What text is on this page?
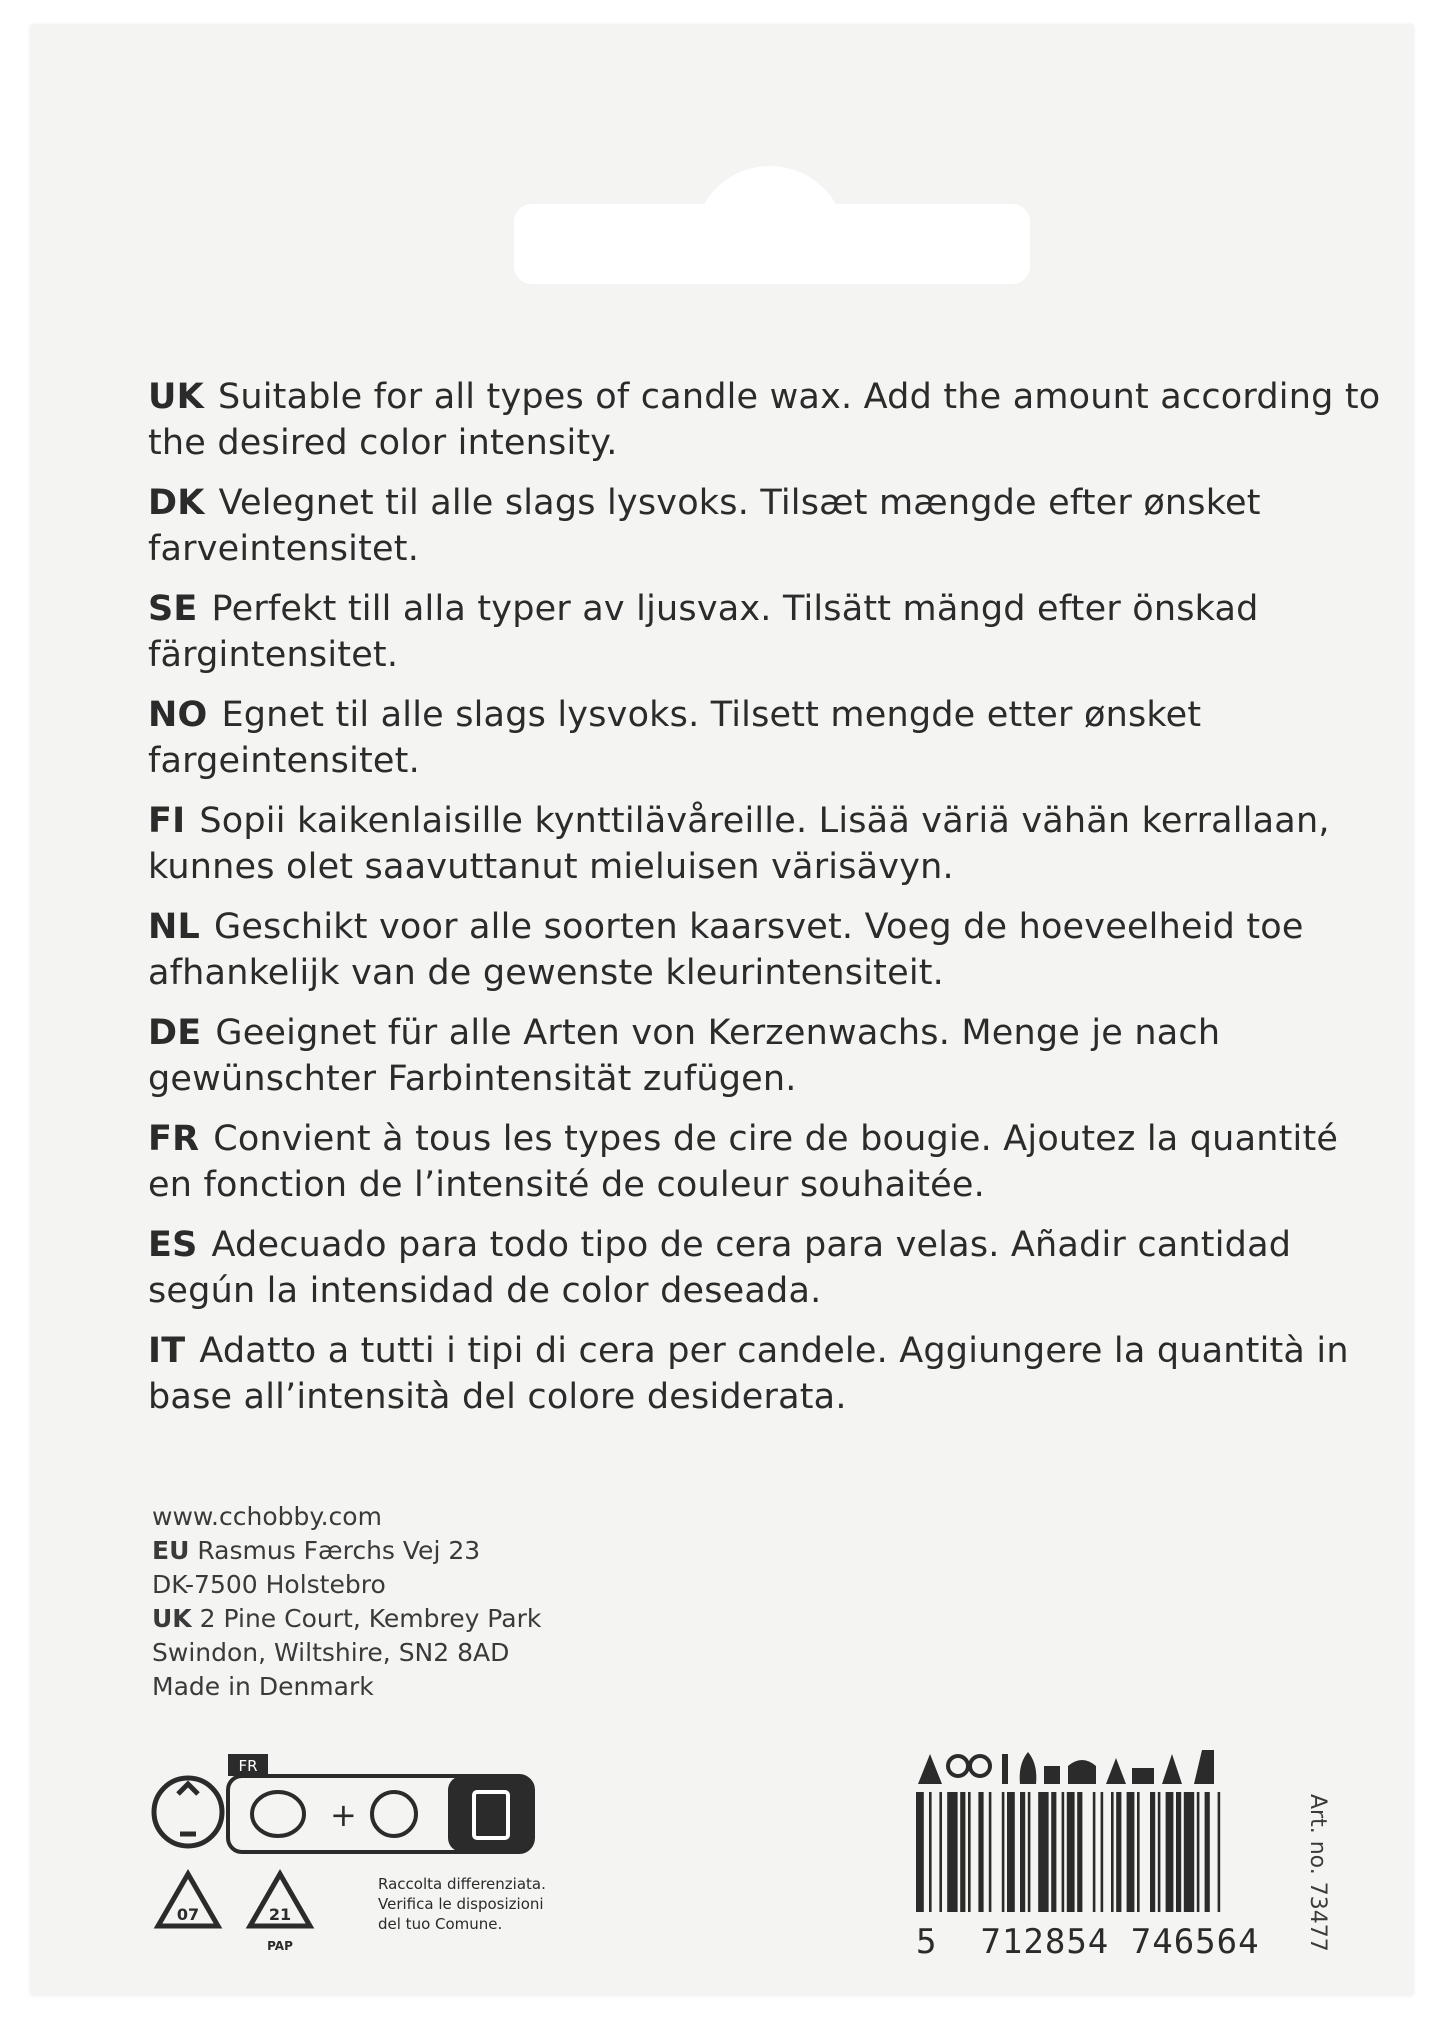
UK Suitable for all types of candle wax. Add the amount according to the desired color intensity.
DK Velegnet til alle slags lysvoks. Tilsæt mængde efter ønsket farveintensitet.
SE Perfekt till alla typer av ljusvax. Tilsätt mängd efter önskad färgintensitet.
NO Egnet til alle slags lysvoks. Tilsett mengde etter ønsket fargeintensitet.
FI Sopii kaikenlaisille kynttilävåreille. Lisää väriä vähän kerrallaan, kunnes olet saavuttanut mieluisen värisävyn.
NL Geschikt voor alle soorten kaarsvet. Voeg de hoeveelheid toe afhankelijk van de gewenste kleurintensiteit.
DE Geeignet für alle Arten von Kerzenwachs. Menge je nach gewünschter Farbintensität zufügen.
FR Convient à tous les types de cire de bougie. Ajoutez la quantité en fonction de l’intensité de couleur souhaitée.
ES Adecuado para todo tipo de cera para velas. Añadir cantidad según la intensidad de color deseada.
IT Adatto a tutti i tipi di cera per candele. Aggiungere la quantità in base all’intensità del colore desiderata.
www.cchobby.com
EU Rasmus Færchs Vej 23
DK-7500 Holstebro
UK 2 Pine Court, Kembrey Park
Swindon, Wiltshire, SN2 8AD
Made in Denmark
FR
+
07	21
PAP
Raccolta differenziata.
Verifica le disposizioni
del tuo Comune.	5 712854 746564	Art. no. 73477
